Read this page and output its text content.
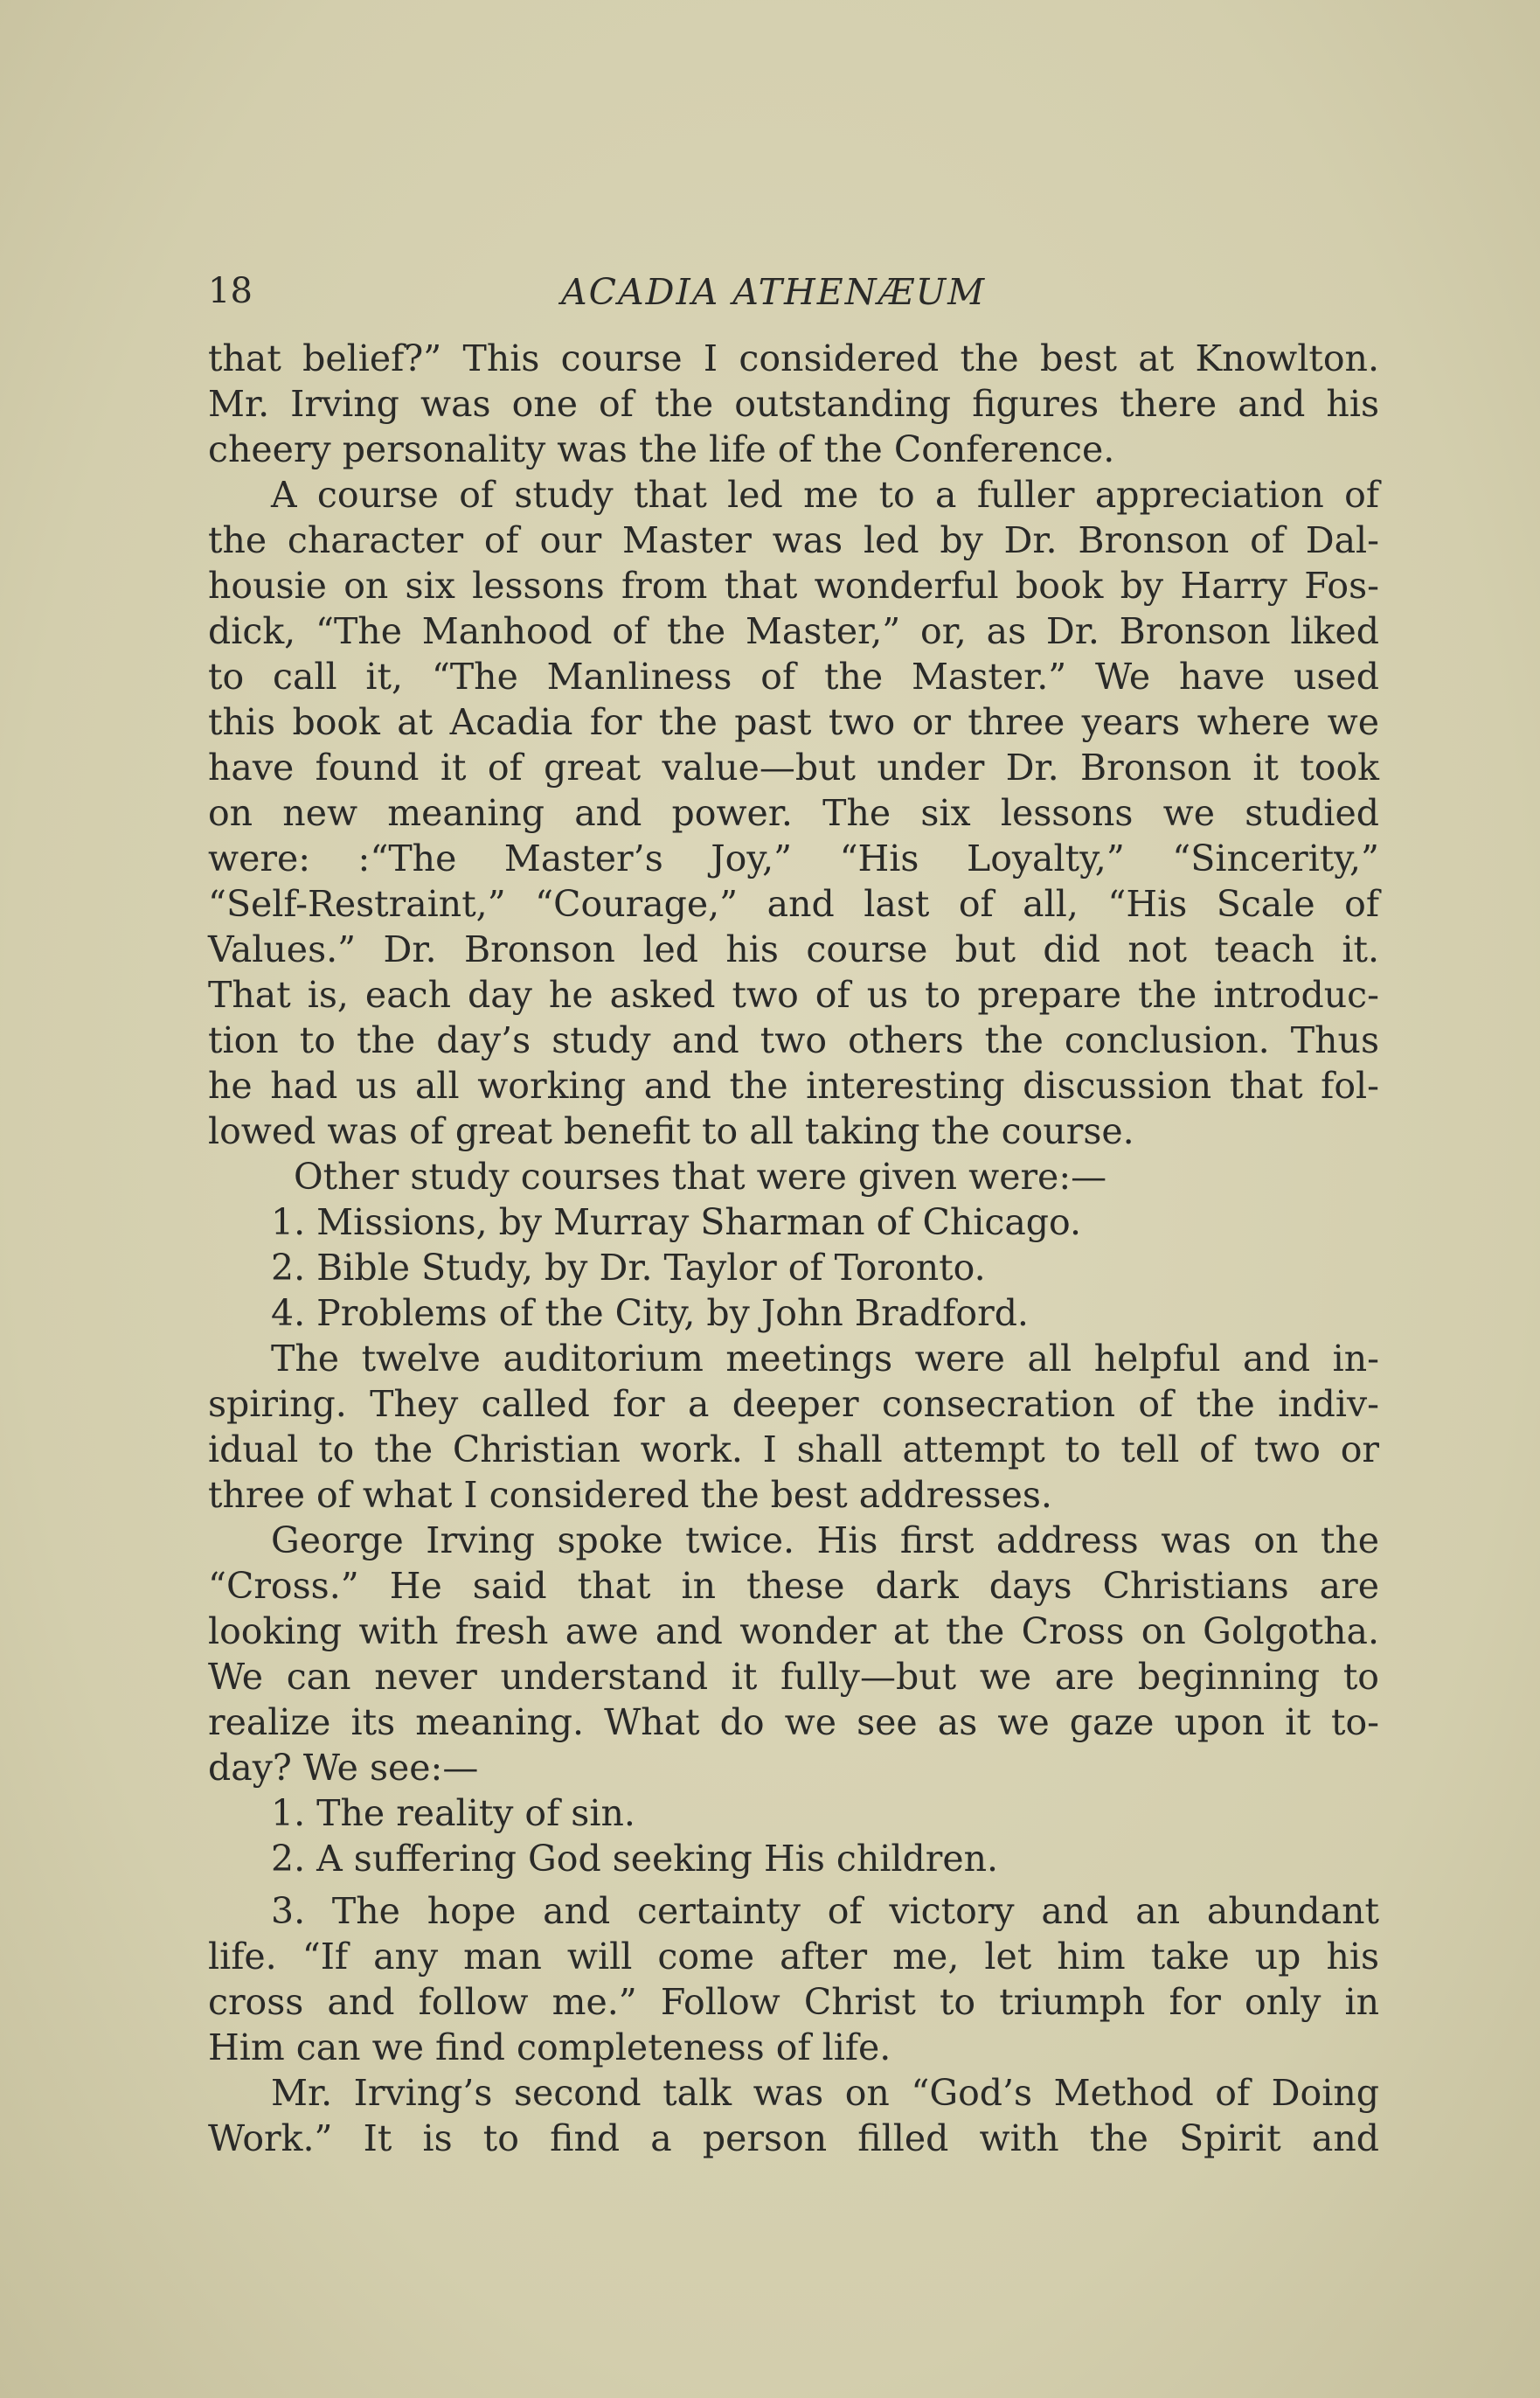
18	ACADIA ATHENÆUM
that belief?” This course I considered the best at Knowlton.
Mr. Irving was one of the outstanding figures there and his
cheery personality was the life of the Conference.
A course of study that led me to a fuller appreciation of
the character of our Master was led by Dr. Bronson of Dal-
housie on six lessons from that wonderful book by Harry Fos-
dick, “The Manhood of the Master,” or, as Dr. Bronson liked
to call it, “The Manliness of the Master.” We have used
this book at Acadia for the past two or three years where we
have found it of great value—but under Dr. Bronson it took
on new meaning and power. The six lessons we studied
were: :“The Master’s Joy,” “His Loyalty,” “Sincerity,”
“Self-Restraint,” “Courage,” and last of all, “His Scale of
Values.” Dr. Bronson led his course but did not teach it.
That is, each day he asked two of us to prepare the introduc-
tion to the day’s study and two others the conclusion. Thus
he had us all working and the interesting discussion that fol-
lowed was of great benefit to all taking the course.
Other study courses that were given were:—
1. Missions, by Murray Sharman of Chicago.
2. Bible Study, by Dr. Taylor of Toronto.
4. Problems of the City, by John Bradford.
The twelve auditorium meetings were all helpful and in-
spiring. They called for a deeper consecration of the indiv-
idual to the Christian work. I shall attempt to tell of two or
three of what I considered the best addresses.
George Irving spoke twice. His first address was on the
“Cross.” He said that in these dark days Christians are
looking with fresh awe and wonder at the Cross on Golgotha.
We can never understand it fully—but we are beginning to
realize its meaning. What do we see as we gaze upon it to-
day? We see:—
1. The reality of sin.
2. A suffering God seeking His children.
3. The hope and certainty of victory and an abundant
life. “If any man will come after me, let him take up his
cross and follow me.” Follow Christ to triumph for only in
Him can we find completeness of life.
Mr. Irving’s second talk was on “God’s Method of Doing
Work.” It is to find a person filled with the Spirit and
